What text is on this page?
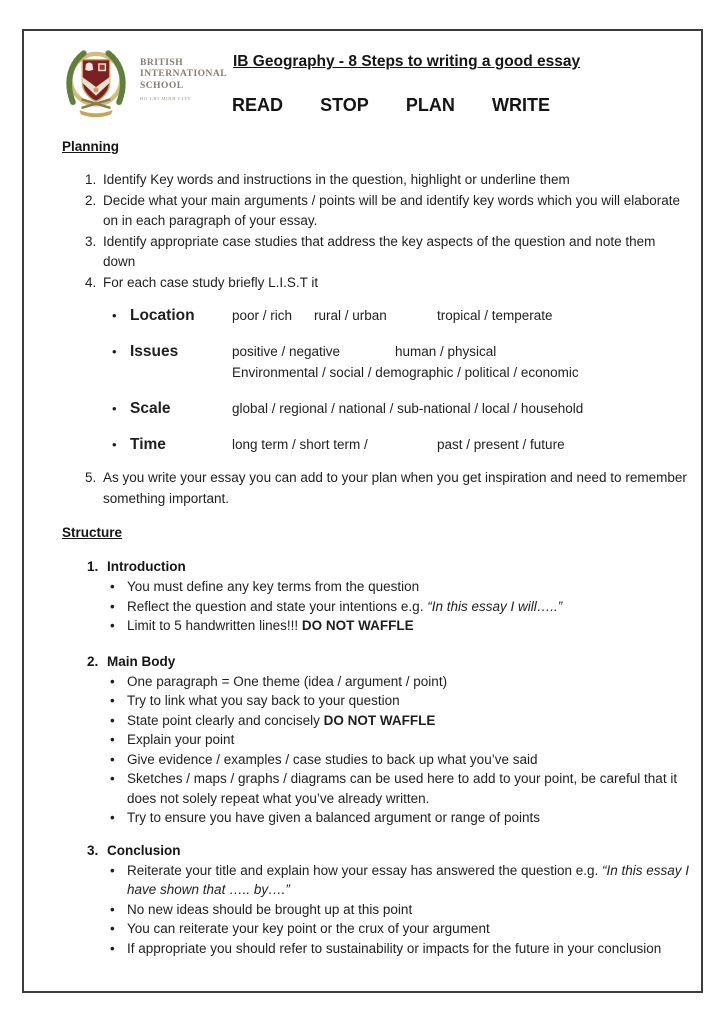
BRITISH
INTERNATIONAL
SCHOOL
HO CHI MINH CITY
IB Geography - 8 Steps to writing a good essay
READ STOP PLAN WRITE
Planning
1. Identify Key words and instructions in the question, highlight or underline them
2. Decide what your main arguments / points will be and identify key words which you will elaborate on in each paragraph of your essay.
3. Identify appropriate case studies that address the key aspects of the question and note them down
4. For each case study briefly L.I.S.T it
• Location	poor / rich rural / urban	tropical / temperate
• Issues	positive / negative	human / physical
Environmental / social / demographic / political / economic
• Scale	global / regional / national / sub-national / local / household
• Time	long term / short term /	past / present / future
5. As you write your essay you can add to your plan when you get inspiration and need to remember something important.
Structure
1. Introduction
• You must define any key terms from the question
• Reflect the question and state your intentions e.g. “In this essay I will…..”
• Limit to 5 handwritten lines!!! DO NOT WAFFLE
2. Main Body
• One paragraph = One theme (idea / argument / point)
• Try to link what you say back to your question
• State point clearly and concisely DO NOT WAFFLE
• Explain your point
• Give evidence / examples / case studies to back up what you’ve said
• Sketches / maps / graphs / diagrams can be used here to add to your point, be careful that it does not solely repeat what you’ve already written.
• Try to ensure you have given a balanced argument or range of points
3. Conclusion
• Reiterate your title and explain how your essay has answered the question e.g. “In this essay I have shown that ….. by….”
• No new ideas should be brought up at this point
• You can reiterate your key point or the crux of your argument
• If appropriate you should refer to sustainability or impacts for the future in your conclusion
